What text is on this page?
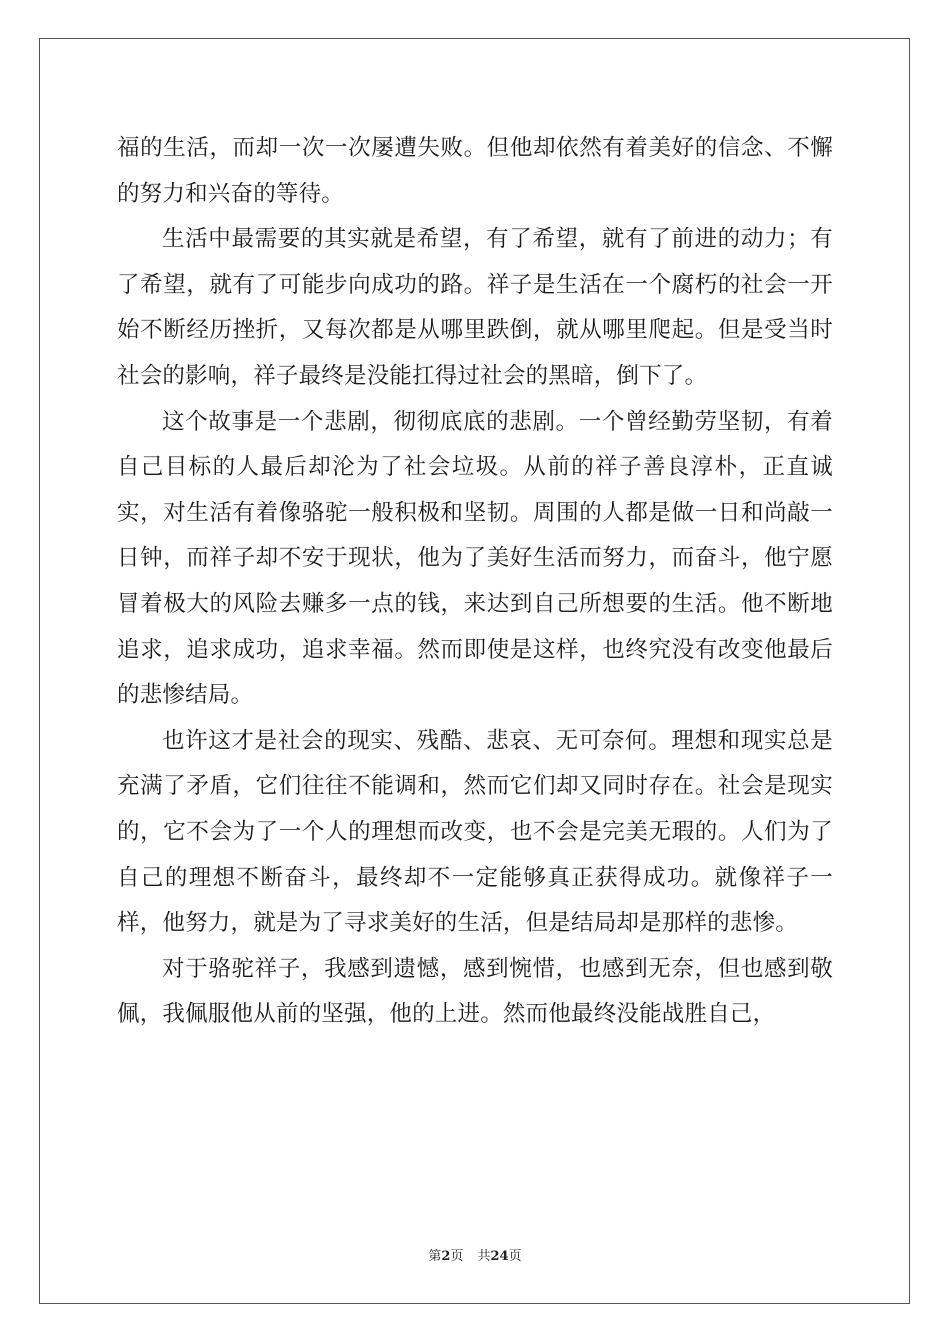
福的生活，而却一次一次屡遭失败。但他却依然有着美好的信念、不懈的努力和兴奋的等待。

生活中最需要的其实就是希望，有了希望，就有了前进的动力；有了希望，就有了可能步向成功的路。祥子是生活在一个腐朽的社会一开始不断经历挫折，又每次都是从哪里跌倒，就从哪里爬起。但是受当时社会的影响，祥子最终是没能扛得过社会的黑暗，倒下了。

这个故事是一个悲剧，彻彻底底的悲剧。一个曾经勤劳坚韧，有着自己目标的人最后却沦为了社会垃圾。从前的祥子善良淳朴，正直诚实，对生活有着像骆驼一般积极和坚韧。周围的人都是做一日和尚敲一日钟，而祥子却不安于现状，他为了美好生活而努力，而奋斗，他宁愿冒着极大的风险去赚多一点的钱，来达到自己所想要的生活。他不断地追求，追求成功，追求幸福。然而即使是这样，也终究没有改变他最后的悲惨结局。

也许这才是社会的现实、残酷、悲哀、无可奈何。理想和现实总是充满了矛盾，它们往往不能调和，然而它们却又同时存在。社会是现实的，它不会为了一个人的理想而改变，也不会是完美无瑕的。人们为了自己的理想不断奋斗，最终却不一定能够真正获得成功。就像祥子一样，他努力，就是为了寻求美好的生活，但是结局却是那样的悲惨。

对于骆驼祥子，我感到遗憾，感到惋惜，也感到无奈，但也感到敬佩，我佩服他从前的坚强，他的上进。然而他最终没能战胜自己，

第2页 共24页
